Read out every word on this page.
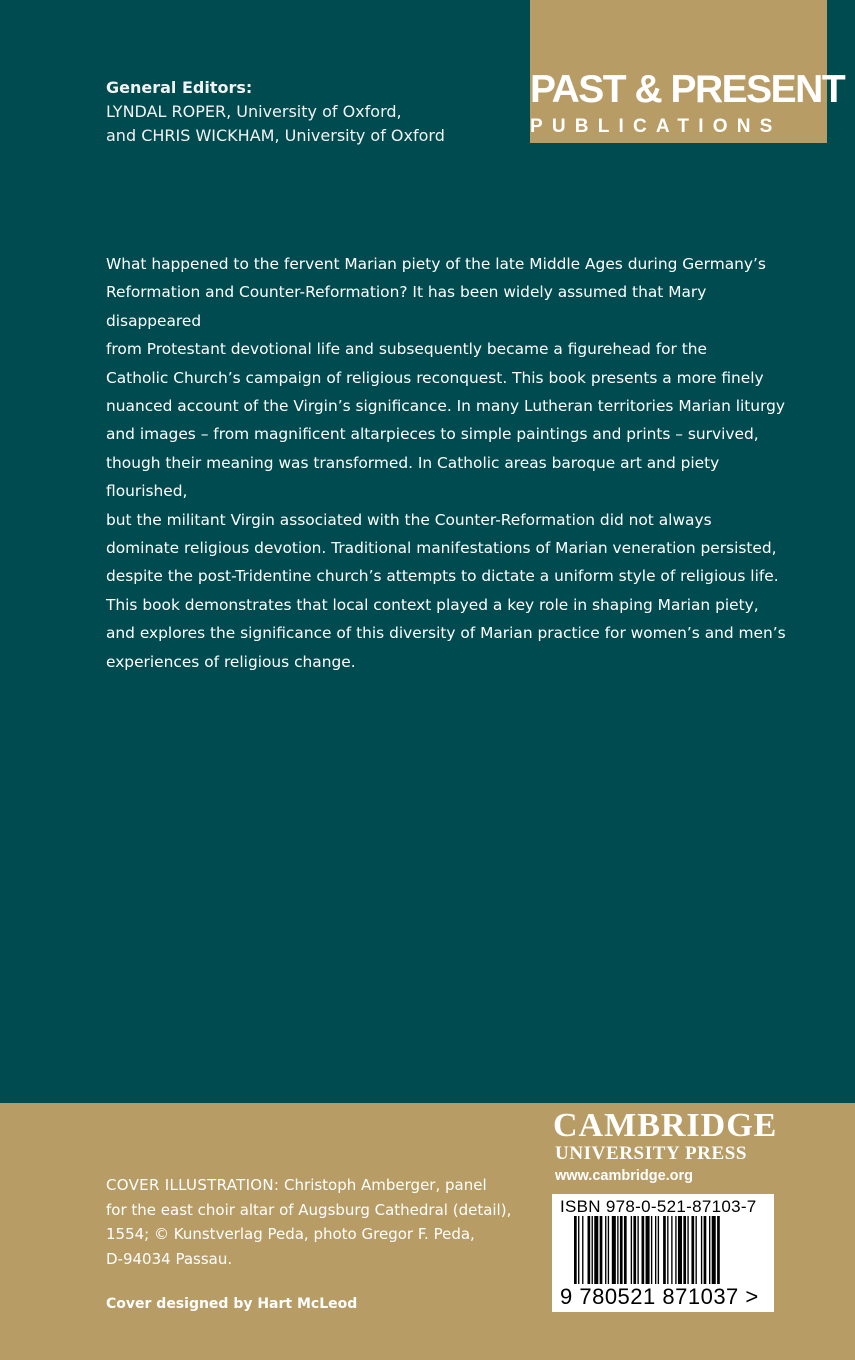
PAST & PRESENT
PUBLICATIONS
General Editors:
LYNDAL ROPER, University of Oxford,
and CHRIS WICKHAM, University of Oxford
What happened to the fervent Marian piety of the late Middle Ages during Germany’s
Reformation and Counter-Reformation? It has been widely assumed that Mary disappeared
from Protestant devotional life and subsequently became a figurehead for the
Catholic Church’s campaign of religious reconquest. This book presents a more finely
nuanced account of the Virgin’s significance. In many Lutheran territories Marian liturgy
and images – from magnificent altarpieces to simple paintings and prints – survived,
though their meaning was transformed. In Catholic areas baroque art and piety flourished,
but the militant Virgin associated with the Counter-Reformation did not always
dominate religious devotion. Traditional manifestations of Marian veneration persisted,
despite the post-Tridentine church’s attempts to dictate a uniform style of religious life.
This book demonstrates that local context played a key role in shaping Marian piety,
and explores the significance of this diversity of Marian practice for women’s and men’s
experiences of religious change.
COVER ILLUSTRATION: Christoph Amberger, panel
for the east choir altar of Augsburg Cathedral (detail),
1554; © Kunstverlag Peda, photo Gregor F. Peda,
D-94034 Passau.
Cover designed by Hart McLeod
CAMBRIDGE
UNIVERSITY PRESS
www.cambridge.org
ISBN 978-0-521-87103-7
9 780521 871037 >
